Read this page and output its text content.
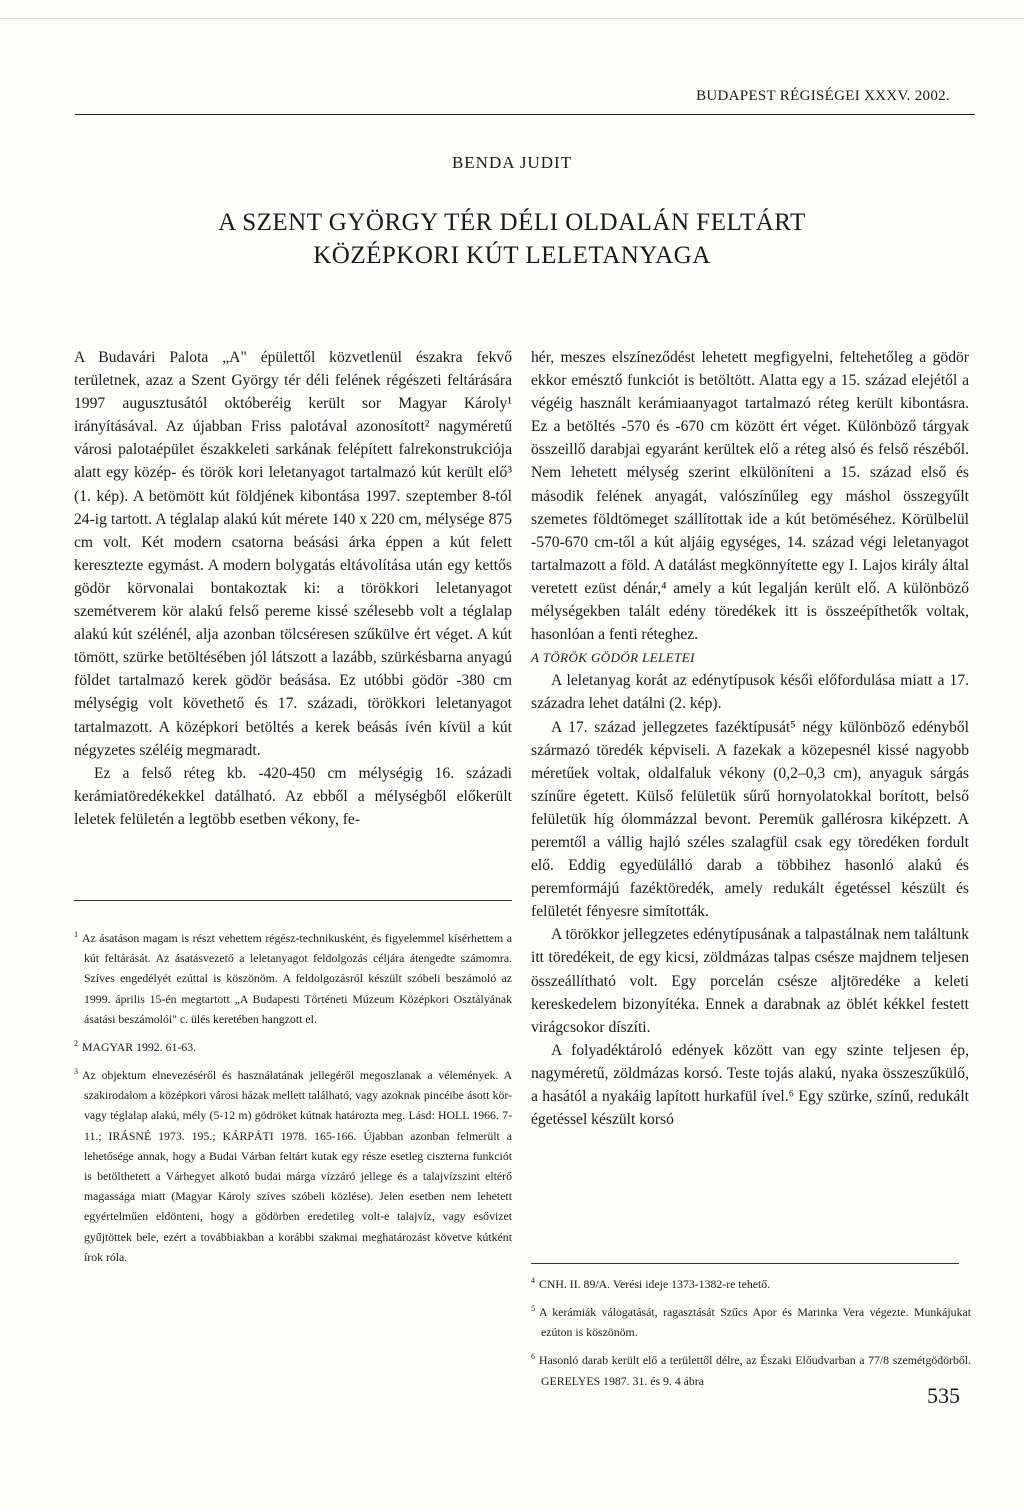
BUDAPEST RÉGISÉGEI XXXV. 2002.
BENDA JUDIT
A SZENT GYÖRGY TÉR DÉLI OLDALÁN FELTÁRT
KÖZÉPKORI KÚT LELETANYAGA

A Budavári Palota „A" épülettől közvetlenül északra fekvő területnek, azaz a Szent György tér déli felének régészeti feltárására 1997 augusztusától októberéig került sor Magyar Károly¹ irányításával. Az újabban Friss palotával azonosított² nagyméretű városi palotaépület északkeleti sarkának felépített falrekonstrukciója alatt egy közép- és török kori leletanyagot tartalmazó kút került elő³ (1. kép). A betömött kút földjének kibontása 1997. szeptember 8-tól 24-ig tartott. A téglalap alakú kút mérete 140 x 220 cm, mélysége 875 cm volt. Két modern csatorna beásási árka éppen a kút felett keresztezte egymást. A modern bolygatás eltávolítása után egy kettős gödör körvonalai bontakoztak ki: a törökkori leletanyagot szemétverem kör alakú felső pereme kissé szélesebb volt a téglalap alakú kút szélénél, alja azonban tölcséresen szűkülve ért véget. A kút tömött, szürke betöltésében jól látszott a lazább, szürkésbarna anyagú földet tartalmazó kerek gödör beásása. Ez utóbbi gödör -380 cm mélységig volt követhető és 17. századi, törökkori leletanyagot tartalmazott. A középkori betöltés a kerek beásás ívén kívül a kút négyzetes széléig megmaradt.

Ez a felső réteg kb. -420-450 cm mélységig 16. századi kerámiatöredékekkel datálható. Az ebből a mélységből előkerült leletek felületén a legtöbb esetben vékony, fe-

$^1$ Az ásatáson magam is részt vehettem régész-technikusként, és figyelemmel kísérhettem a kút feltárását. Az ásatásvezető a leletanyagot feldolgozás céljára átengedte számomra. Szíves engedélyét ezúttal is köszönöm. A feldolgozásról készült szóbeli beszámoló az 1999. április 15-én megtartott „A Budapesti Történeti Múzeum Középkori Osztályának ásatási beszámolói" c. ülés keretében hangzott el.

$^2$ MAGYAR 1992. 61-63.

$^3$ Az objektum elnevezéséről és használatának jellegéről megoszlanak a vélemények. A szakirodalom a középkori városi házak mellett található, vagy azoknak pincéibe ásott kör- vagy téglalap alakú, mély (5-12 m) gödröket kútnak határozta meg. Lásd: HOLL 1966. 7-11.; IRÁSNÉ 1973. 195.; KÁRPÁTI 1978. 165-166. Újabban azonban felmerült a lehetősége annak, hogy a Budai Várban feltárt kutak egy része esetleg ciszterna funkciót is betölthetett a Várhegyet alkotó budai márga vízzáró jellege és a talajvízszint eltérő magassága miatt (Magyar Károly szíves szóbeli közlése). Jelen esetben nem lehetett egyértelműen eldönteni, hogy a gödörben eredetileg volt-e talajvíz, vagy esővizet gyűjtöttek bele, ezért a továbbiakban a korábbi szakmai meghatározást követve kútként írok róla.

hér, meszes elszíneződést lehetett megfigyelni, feltehetőleg a gödör ekkor emésztő funkciót is betöltött. Alatta egy a 15. század elejétől a végéig használt kerámiaanyagot tartalmazó réteg került kibontásra. Ez a betöltés -570 és -670 cm között ért véget. Különböző tárgyak összeillő darabjai egyaránt kerültek elő a réteg alsó és felső részéből. Nem lehetett mélység szerint elkülöníteni a 15. század első és második felének anyagát, valószínűleg egy máshol összegyűlt szemetes földtömeget szállítottak ide a kút betöméséhez. Körülbelül -570-670 cm-től a kút aljáig egységes, 14. század végi leletanyagot tartalmazott a föld. A datálást megkönnyítette egy I. Lajos király által veretett ezüst dénár,⁴ amely a kút legalján került elő. A különböző mélységekben talált edény töredékek itt is összeépíthetők voltak, hasonlóan a fenti réteghez.

A TÖRÖK GÖDÖR LELETEI

A leletanyag korát az edénytípusok késői előfordulása miatt a 17. századra lehet datálni (2. kép).

A 17. század jellegzetes fazéktípusát⁵ négy különböző edényből származó töredék képviseli. A fazekak a közepesnél kissé nagyobb méretűek voltak, oldalfaluk vékony (0,2–0,3 cm), anyaguk sárgás színűre égetett. Külső felületük sűrű hornyolatokkal borított, belső felületük híg ólommázzal bevont. Peremük gallérosra kiképzett. A peremtől a vállig hajló széles szalagfül csak egy töredéken fordult elő. Eddig egyedülálló darab a többihez hasonló alakú és peremformájú fazéktöredék, amely redukált égetéssel készült és felületét fényesre simították.

A törökkor jellegzetes edénytípusának a talpastálnak nem találtunk itt töredékeit, de egy kicsi, zöldmázas talpas csésze majdnem teljesen összeállítható volt. Egy porcelán csésze aljtöredéke a keleti kereskedelem bizonyítéka. Ennek a darabnak az öblét kékkel festett virágcsokor díszíti.

A folyadéktároló edények között van egy szinte teljesen ép, nagyméretű, zöldmázas korsó. Teste tojás alakú, nyaka összeszűkülő, a hasától a nyakáig lapított hurkafül ível.⁶ Egy szürke, színű, redukált égetéssel készült korsó

$^4$ CNH. II. 89/A. Verési ideje 1373-1382-re tehető.

$^5$ A kerámiák válogatását, ragasztását Szűcs Apor és Marinka Vera végezte. Munkájukat ezúton is köszönöm.

$^6$ Hasonló darab került elő a területtől délre, az Északi Előudvarban a 77/8 szemétgödörből. GERELYES 1987. 31. és 9. 4 ábra

535
